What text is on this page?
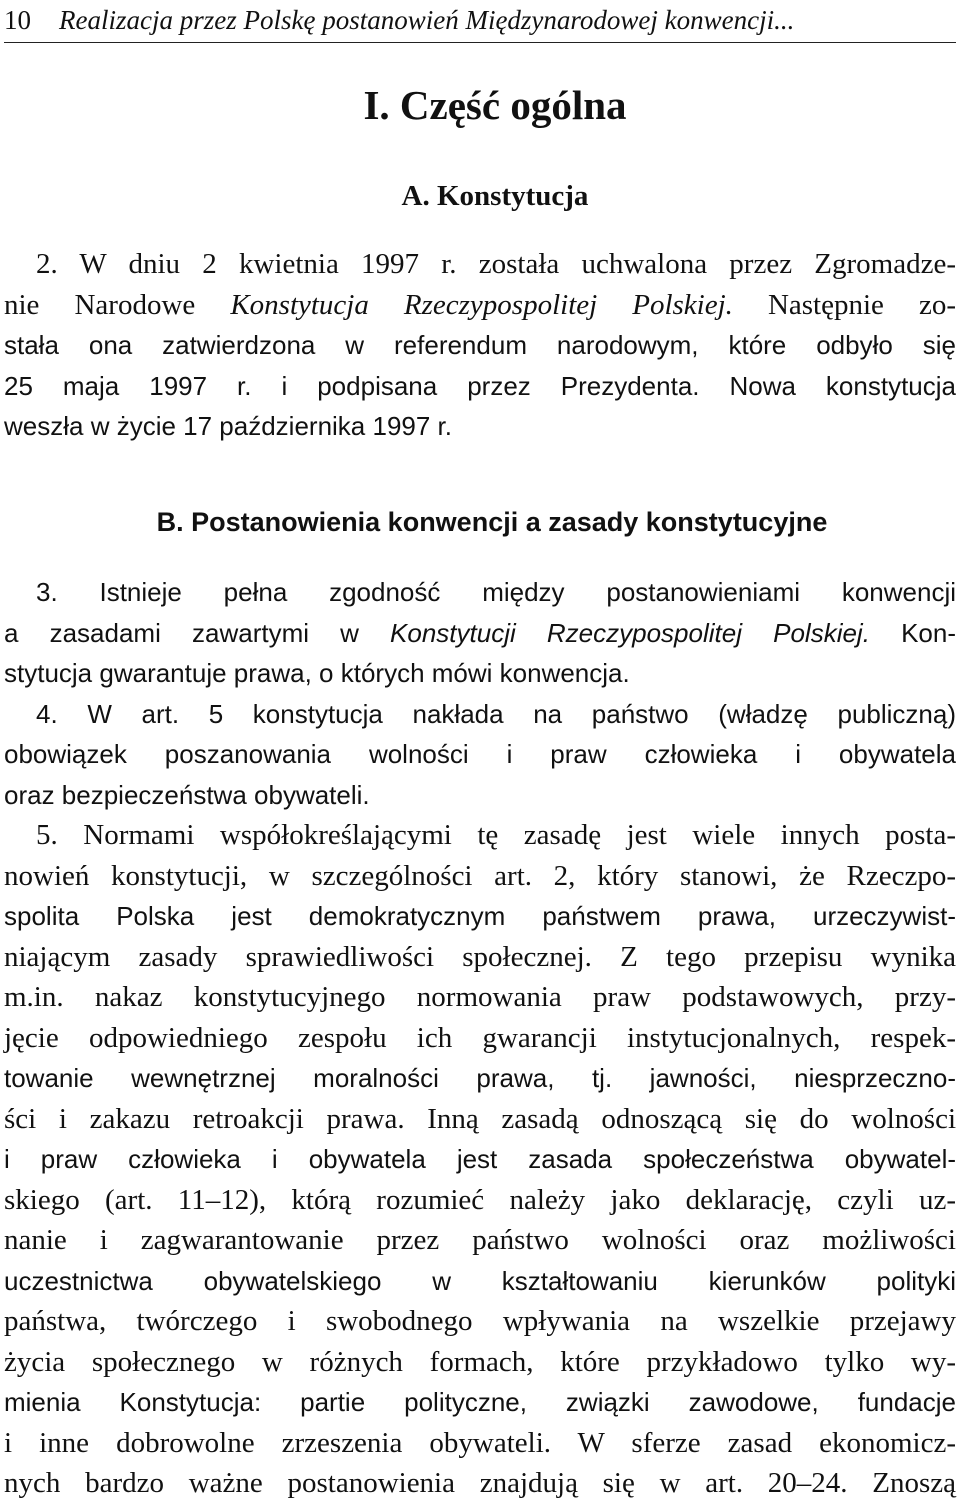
10 Realizacja przez Polskę postanowień Międzynarodowej konwencji...
I. Część ogólna
A. Konstytucja
2. W dniu 2 kwietnia 1997 r. została uchwalona przez Zgromadze-
nie Narodowe Konstytucja Rzeczypospolitej Polskiej. Następnie zo-
stała ona zatwierdzona w referendum narodowym, które odbyło się
25 maja 1997 r. i podpisana przez Prezydenta. Nowa konstytucja
weszła w życie 17 października 1997 r.
B. Postanowienia konwencji a zasady konstytucyjne
3. Istnieje pełna zgodność między postanowieniami konwencji
a zasadami zawartymi w Konstytucji Rzeczypospolitej Polskiej. Kon-
stytucja gwarantuje prawa, o których mówi konwencja.
4. W art. 5 konstytucja nakłada na państwo (władzę publiczną)
obowiązek poszanowania wolności i praw człowieka i obywatela
oraz bezpieczeństwa obywateli.
5. Normami współokreślającymi tę zasadę jest wiele innych posta-
nowień konstytucji, w szczególności art. 2, który stanowi, że Rzeczpo-
spolita Polska jest demokratycznym państwem prawa, urzeczywist-
niającym zasady sprawiedliwości społecznej. Z tego przepisu wynika
m.in. nakaz konstytucyjnego normowania praw podstawowych, przy-
jęcie odpowiedniego zespołu ich gwarancji instytucjonalnych, respek-
towanie wewnętrznej moralności prawa, tj. jawności, niesprzeczno-
ści i zakazu retroakcji prawa. Inną zasadą odnoszącą się do wolności
i praw człowieka i obywatela jest zasada społeczeństwa obywatel-
skiego (art. 11–12), którą rozumieć należy jako deklarację, czyli uz-
nanie i zagwarantowanie przez państwo wolności oraz możliwości
uczestnictwa obywatelskiego w kształtowaniu kierunków polityki
państwa, twórczego i swobodnego wpływania na wszelkie przejawy
życia społecznego w różnych formach, które przykładowo tylko wy-
mienia Konstytucja: partie polityczne, związki zawodowe, fundacje
i inne dobrowolne zrzeszenia obywateli. W sferze zasad ekonomicz-
nych bardzo ważne postanowienia znajdują się w art. 20–24. Znoszą
